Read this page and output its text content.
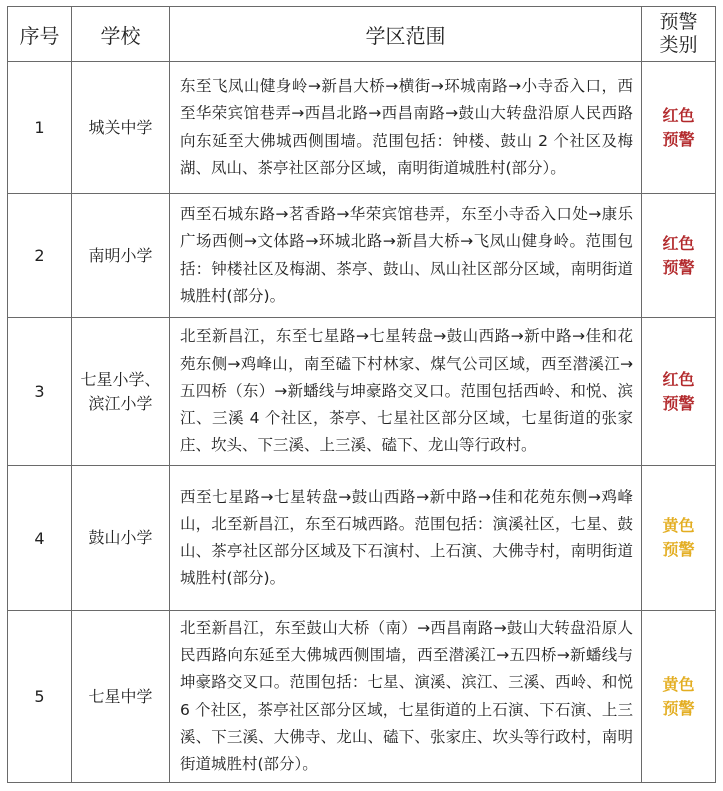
序号	学校	学区范围	预警
类别

1	城关中学	东至飞凤山健身岭→新昌大桥→横街→环城南路→小寺岙入口，西至华荣宾馆巷弄→西昌北路→西昌南路→鼓山大转盘沿原人民西路向东延至大佛城西侧围墙。范围包括：钟楼、鼓山 2 个社区及梅湖、凤山、茶亭社区部分区域，南明街道城胜村(部分）。	红色
预警
2	南明小学	西至石城东路→茗香路→华荣宾馆巷弄，东至小寺岙入口处→康乐广场西侧→文体路→环城北路→新昌大桥→飞凤山健身岭。范围包括：钟楼社区及梅湖、茶亭、鼓山、凤山社区部分区域，南明街道城胜村(部分)。	红色
预警
3	七星小学、滨江小学	北至新昌江，东至七星路→七星转盘→鼓山西路→新中路→佳和花苑东侧→鸡峰山，南至磕下村林家、煤气公司区域，西至潜溪江→五四桥（东）→新蟠线与坤豪路交叉口。范围包括西岭、和悦、滨江、三溪 4 个社区，茶亭、七星社区部分区域，七星街道的张家庄、坎头、下三溪、上三溪、磕下、龙山等行政村。	红色
预警
4	鼓山小学	西至七星路→七星转盘→鼓山西路→新中路→佳和花苑东侧→鸡峰山，北至新昌江，东至石城西路。范围包括：演溪社区，七星、鼓山、茶亭社区部分区域及下石演村、上石演、大佛寺村，南明街道城胜村(部分)。	黄色
预警
5	七星中学	北至新昌江，东至鼓山大桥（南）→西昌南路→鼓山大转盘沿原人民西路向东延至大佛城西侧围墙，西至潜溪江→五四桥→新蟠线与坤豪路交叉口。范围包括：七星、演溪、滨江、三溪、西岭、和悦 6 个社区，茶亭社区部分区域，七星街道的上石演、下石演、上三溪、下三溪、大佛寺、龙山、磕下、张家庄、坎头等行政村，南明街道城胜村(部分）。	黄色
预警
